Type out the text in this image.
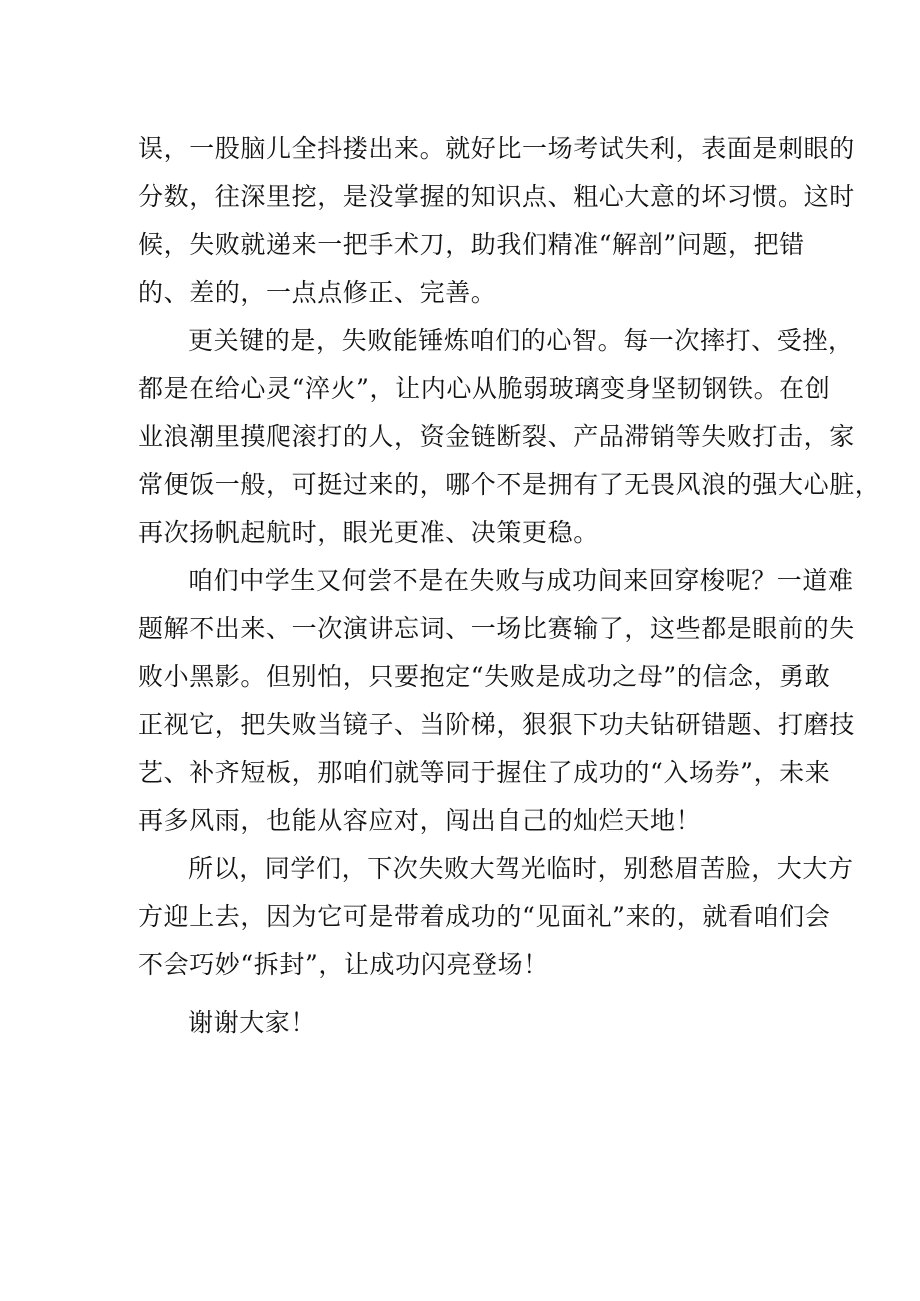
误，一股脑儿全抖搂出来。就好比一场考试失利，表面是刺眼的
分数，往深里挖，是没掌握的知识点、粗心大意的坏习惯。这时
候，失败就递来一把手术刀，助我们精准“解剖”问题，把错
的、差的，一点点修正、完善。
更关键的是，失败能锤炼咱们的心智。每一次摔打、受挫，
都是在给心灵“淬火”，让内心从脆弱玻璃变身坚韧钢铁。在创
业浪潮里摸爬滚打的人，资金链断裂、产品滞销等失败打击，家
常便饭一般，可挺过来的，哪个不是拥有了无畏风浪的强大心脏，
再次扬帆起航时，眼光更准、决策更稳。
咱们中学生又何尝不是在失败与成功间来回穿梭呢？一道难
题解不出来、一次演讲忘词、一场比赛输了，这些都是眼前的失
败小黑影。但别怕，只要抱定“失败是成功之母”的信念，勇敢
正视它，把失败当镜子、当阶梯，狠狠下功夫钻研错题、打磨技
艺、补齐短板，那咱们就等同于握住了成功的“入场券”，未来
再多风雨，也能从容应对，闯出自己的灿烂天地！
所以，同学们，下次失败大驾光临时，别愁眉苦脸，大大方
方迎上去，因为它可是带着成功的“见面礼”来的，就看咱们会
不会巧妙“拆封”，让成功闪亮登场！
谢谢大家！
